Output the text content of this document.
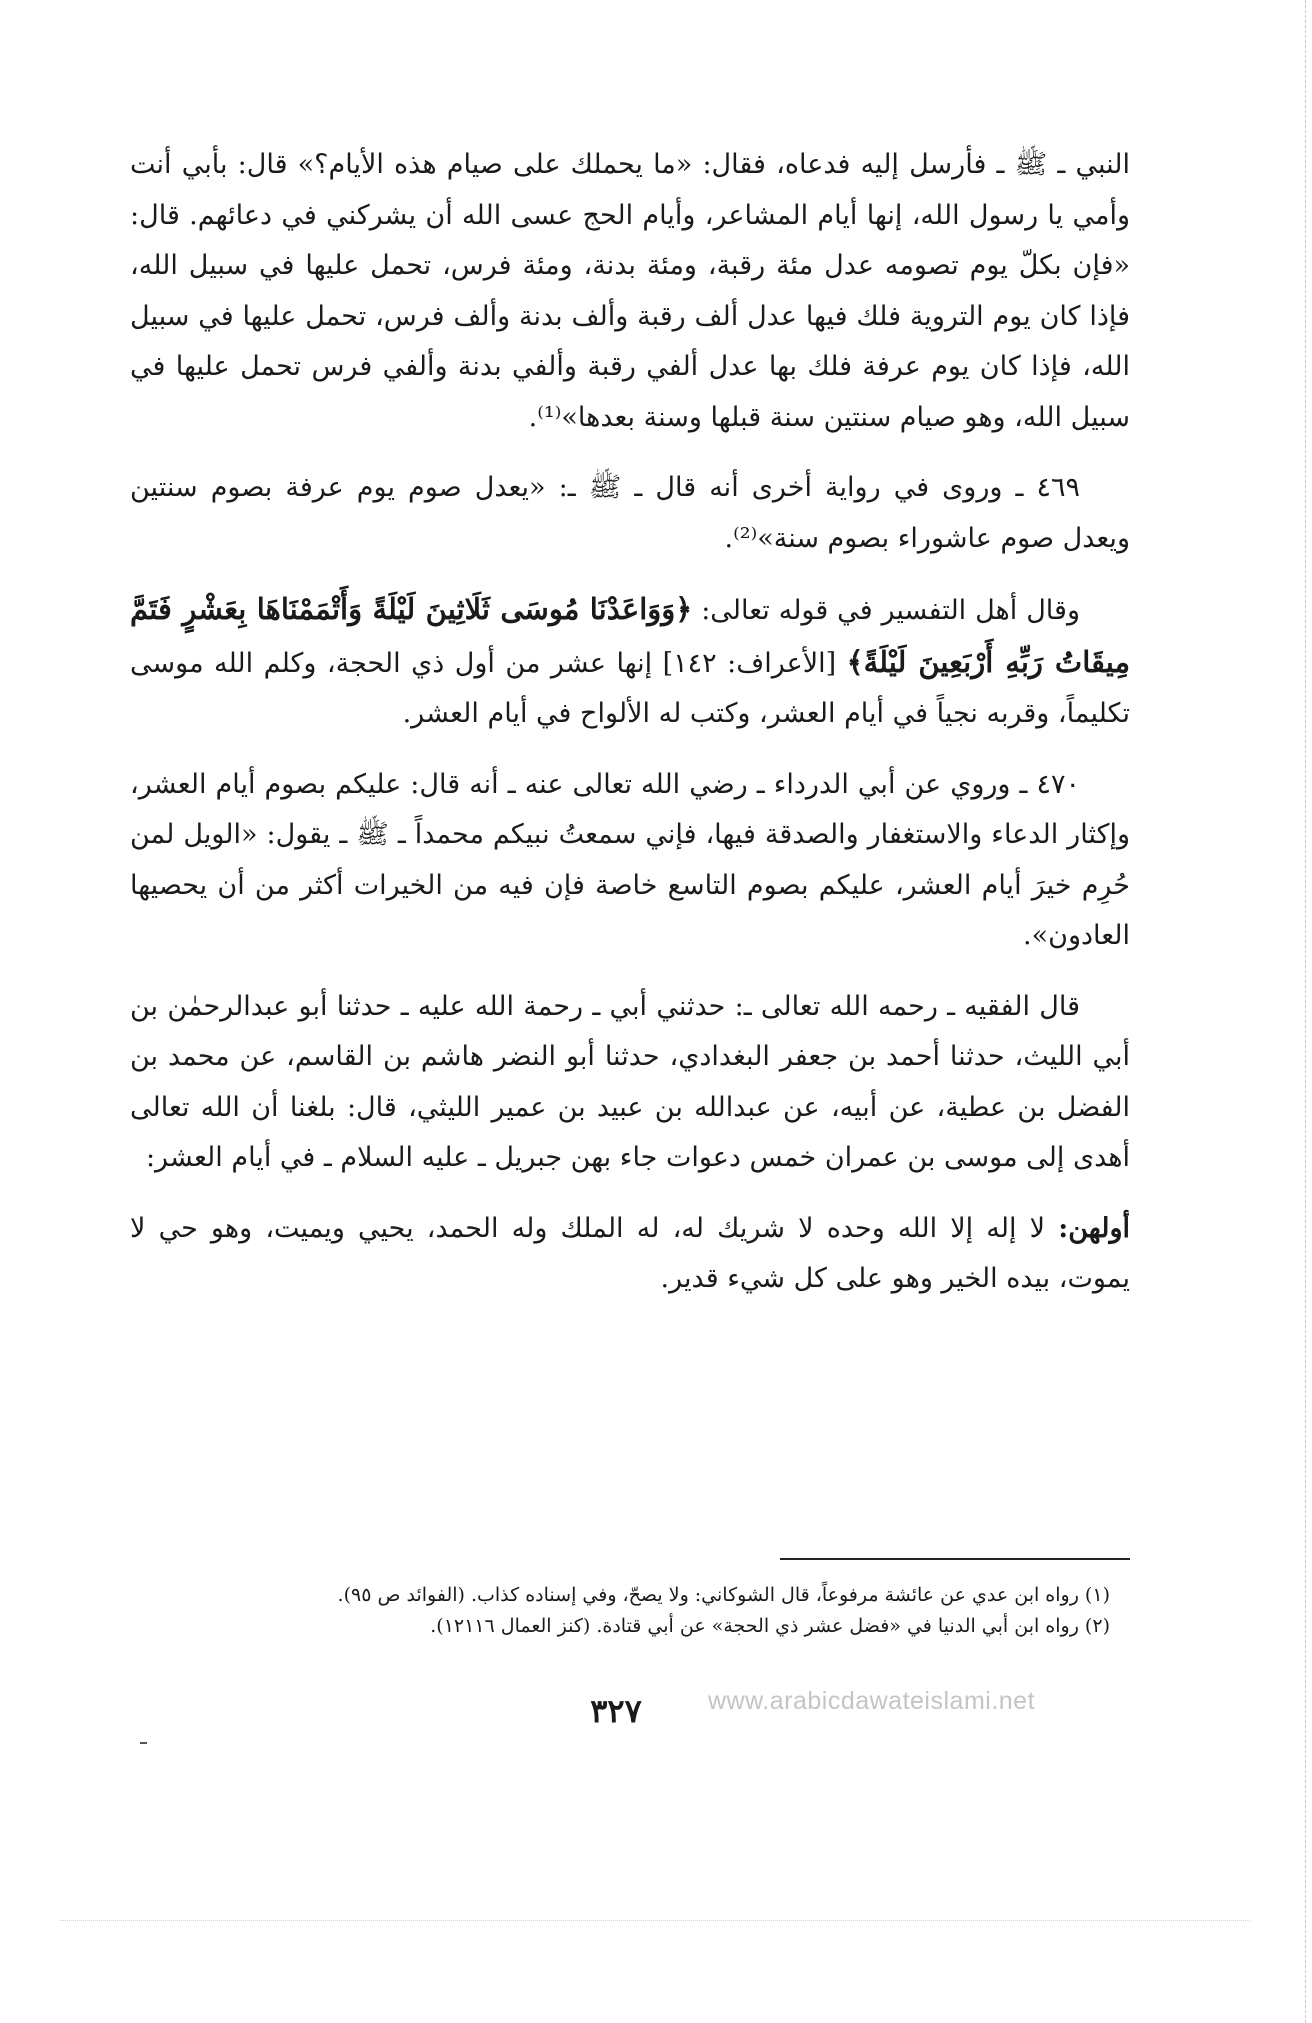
النبي ـ ﷺ ـ فأرسل إليه فدعاه، فقال: «ما يحملك على صيام هذه الأيام؟» قال: بأبي أنت وأمي يا رسول الله، إنها أيام المشاعر، وأيام الحج عسى الله أن يشركني في دعائهم. قال: «فإن بكلّ يوم تصومه عدل مئة رقبة، ومئة بدنة، ومئة فرس، تحمل عليها في سبيل الله، فإذا كان يوم التروية فلك فيها عدل ألف رقبة وألف بدنة وألف فرس، تحمل عليها في سبيل الله، فإذا كان يوم عرفة فلك بها عدل ألفي رقبة وألفي بدنة وألفي فرس تحمل عليها في سبيل الله، وهو صيام سنتين سنة قبلها وسنة بعدها»⁽¹⁾.

٤٦٩ ـ وروى في رواية أخرى أنه قال ـ ﷺ ـ: «يعدل صوم يوم عرفة بصوم سنتين ويعدل صوم عاشوراء بصوم سنة»⁽²⁾.

وقال أهل التفسير في قوله تعالى: ﴿وَوَاعَدْنَا مُوسَى ثَلَاثِينَ لَيْلَةً وَأَتْمَمْنَاهَا بِعَشْرٍ فَتَمَّ مِيقَاتُ رَبِّهِ أَرْبَعِينَ لَيْلَةً﴾ [الأعراف: ١٤٢] إنها عشر من أول ذي الحجة، وكلم الله موسى تكليماً، وقربه نجياً في أيام العشر، وكتب له الألواح في أيام العشر.

٤٧٠ ـ وروي عن أبي الدرداء ـ رضي الله تعالى عنه ـ أنه قال: عليكم بصوم أيام العشر، وإكثار الدعاء والاستغفار والصدقة فيها، فإني سمعتُ نبيكم محمداً ـ ﷺ ـ يقول: «الويل لمن حُرِم خيرَ أيام العشر، عليكم بصوم التاسع خاصة فإن فيه من الخيرات أكثر من أن يحصيها العادون».

قال الفقيه ـ رحمه الله تعالى ـ: حدثني أبي ـ رحمة الله عليه ـ حدثنا أبو عبدالرحمٰن بن أبي الليث، حدثنا أحمد بن جعفر البغدادي، حدثنا أبو النضر هاشم بن القاسم، عن محمد بن الفضل بن عطية، عن أبيه، عن عبدالله بن عبيد بن عمير الليثي، قال: بلغنا أن الله تعالى أهدى إلى موسى بن عمران خمس دعوات جاء بهن جبريل ـ عليه السلام ـ في أيام العشر:

أولهن: لا إله إلا الله وحده لا شريك له، له الملك وله الحمد، يحيي ويميت، وهو حي لا يموت، بيده الخير وهو على كل شيء قدير.

(١) رواه ابن عدي عن عائشة مرفوعاً، قال الشوكاني: ولا يصحّ، وفي إسناده كذاب. (الفوائد ص ٩٥).

(٢) رواه ابن أبي الدنيا في «فضل عشر ذي الحجة» عن أبي قتادة. (كنز العمال ١٢١١٦).

٣٢٧	www.arabicdawateislami.net
